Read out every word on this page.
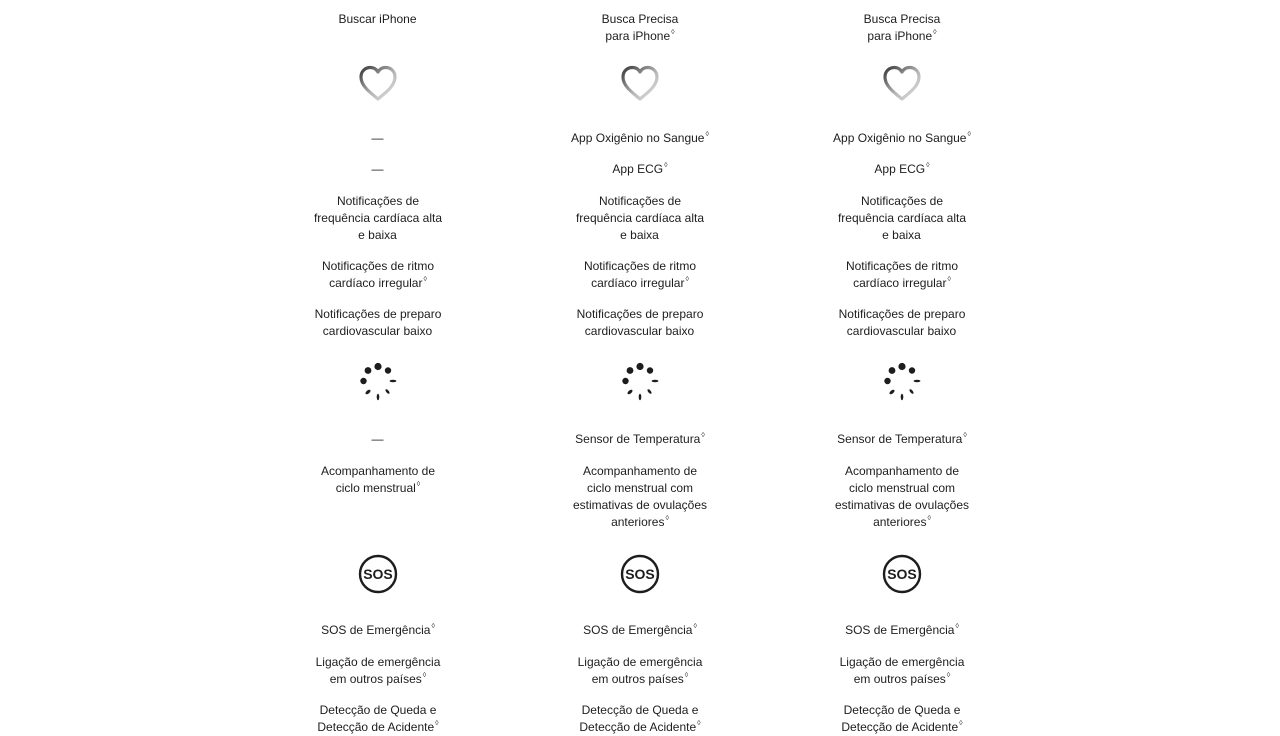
Buscar iPhone

—

—

Notificações de
frequência cardíaca alta
e baixa

Notificações de ritmo
cardíaco irregular◊

Notificações de preparo
cardiovascular baixo

—

Acompanhamento de
ciclo menstrual◊

SOS

SOS de Emergência◊

Ligação de emergência
em outros países◊

Detecção de Queda e
Detecção de Acidente◊

Busca Precisa
para iPhone◊

App Oxigênio no Sangue◊

App ECG◊

Notificações de
frequência cardíaca alta
e baixa

Notificações de ritmo
cardíaco irregular◊

Notificações de preparo
cardiovascular baixo

Sensor de Temperatura◊

Acompanhamento de
ciclo menstrual com
estimativas de ovulações
anteriores◊

SOS

SOS de Emergência◊

Ligação de emergência
em outros países◊

Detecção de Queda e
Detecção de Acidente◊

Busca Precisa
para iPhone◊

App Oxigênio no Sangue◊

App ECG◊

Notificações de
frequência cardíaca alta
e baixa

Notificações de ritmo
cardíaco irregular◊

Notificações de preparo
cardiovascular baixo

Sensor de Temperatura◊

Acompanhamento de
ciclo menstrual com
estimativas de ovulações
anteriores◊

SOS

SOS de Emergência◊

Ligação de emergência
em outros países◊

Detecção de Queda e
Detecção de Acidente◊
